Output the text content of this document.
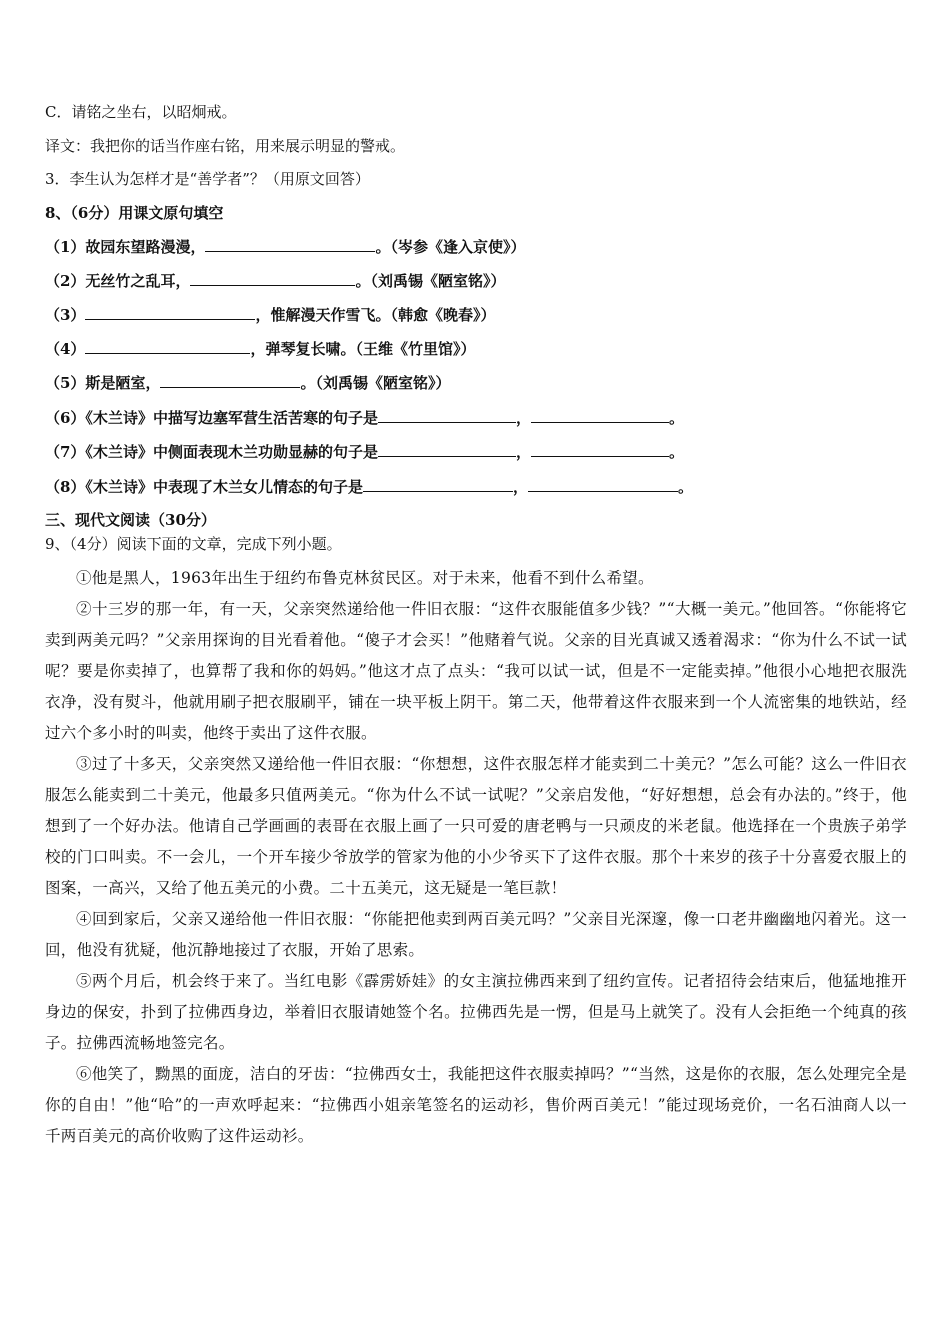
C．请铭之坐右，以昭炯戒。
译文：我把你的话当作座右铭，用来展示明显的警戒。
3．李生认为怎样才是“善学者”？（用原文回答）
8、（6分）用课文原句填空
（1）故园东望路漫漫，	。（岑参《逢入京使》）
（2）无丝竹之乱耳，	。（刘禹锡《陋室铭》）
（3）	，惟解漫天作雪飞。（韩愈《晚春》）
（4）	，弹琴复长啸。（王维《竹里馆》）
（5）斯是陋室，	。（刘禹锡《陋室铭》）
（6）《木兰诗》中描写边塞军营生活苦寒的句子是	，	。
（7）《木兰诗》中侧面表现木兰功勋显赫的句子是	，	。
（8）《木兰诗》中表现了木兰女儿情态的句子是	，	。
三、现代文阅读（30分）
9、（4分）阅读下面的文章，完成下列小题。

①他是黑人，1963年出生于纽约布鲁克林贫民区。对于未来，他看不到什么希望。

②十三岁的那一年，有一天，父亲突然递给他一件旧衣服：“这件衣服能值多少钱？”“大概一美元。”他回答。“你能将它卖到两美元吗？”父亲用探询的目光看着他。“傻子才会买！”他赌着气说。父亲的目光真诚又透着渴求：“你为什么不试一试呢？要是你卖掉了，也算帮了我和你的妈妈。”他这才点了点头：“我可以试一试，但是不一定能卖掉。”他很小心地把衣服洗衣净，没有熨斗，他就用刷子把衣服刷平，铺在一块平板上阴干。第二天，他带着这件衣服来到一个人流密集的地铁站，经过六个多小时的叫卖，他终于卖出了这件衣服。

③过了十多天，父亲突然又递给他一件旧衣服：“你想想，这件衣服怎样才能卖到二十美元？”怎么可能？这么一件旧衣服怎么能卖到二十美元，他最多只值两美元。“你为什么不试一试呢？”父亲启发他，“好好想想，总会有办法的。”终于，他想到了一个好办法。他请自己学画画的表哥在衣服上画了一只可爱的唐老鸭与一只顽皮的米老鼠。他选择在一个贵族子弟学校的门口叫卖。不一会儿，一个开车接少爷放学的管家为他的小少爷买下了这件衣服。那个十来岁的孩子十分喜爱衣服上的图案，一高兴，又给了他五美元的小费。二十五美元，这无疑是一笔巨款！

④回到家后，父亲又递给他一件旧衣服：“你能把他卖到两百美元吗？”父亲目光深邃，像一口老井幽幽地闪着光。这一回，他没有犹疑，他沉静地接过了衣服，开始了思索。

⑤两个月后，机会终于来了。当红电影《霹雳娇娃》的女主演拉佛西来到了纽约宣传。记者招待会结束后，他猛地推开身边的保安，扑到了拉佛西身边，举着旧衣服请她签个名。拉佛西先是一愣，但是马上就笑了。没有人会拒绝一个纯真的孩子。拉佛西流畅地签完名。

⑥他笑了，黝黑的面庞，洁白的牙齿：“拉佛西女士，我能把这件衣服卖掉吗？”“当然，这是你的衣服，怎么处理完全是你的自由！”他“哈”的一声欢呼起来：“拉佛西小姐亲笔签名的运动衫，售价两百美元！”能过现场竞价，一名石油商人以一千两百美元的高价收购了这件运动衫。
